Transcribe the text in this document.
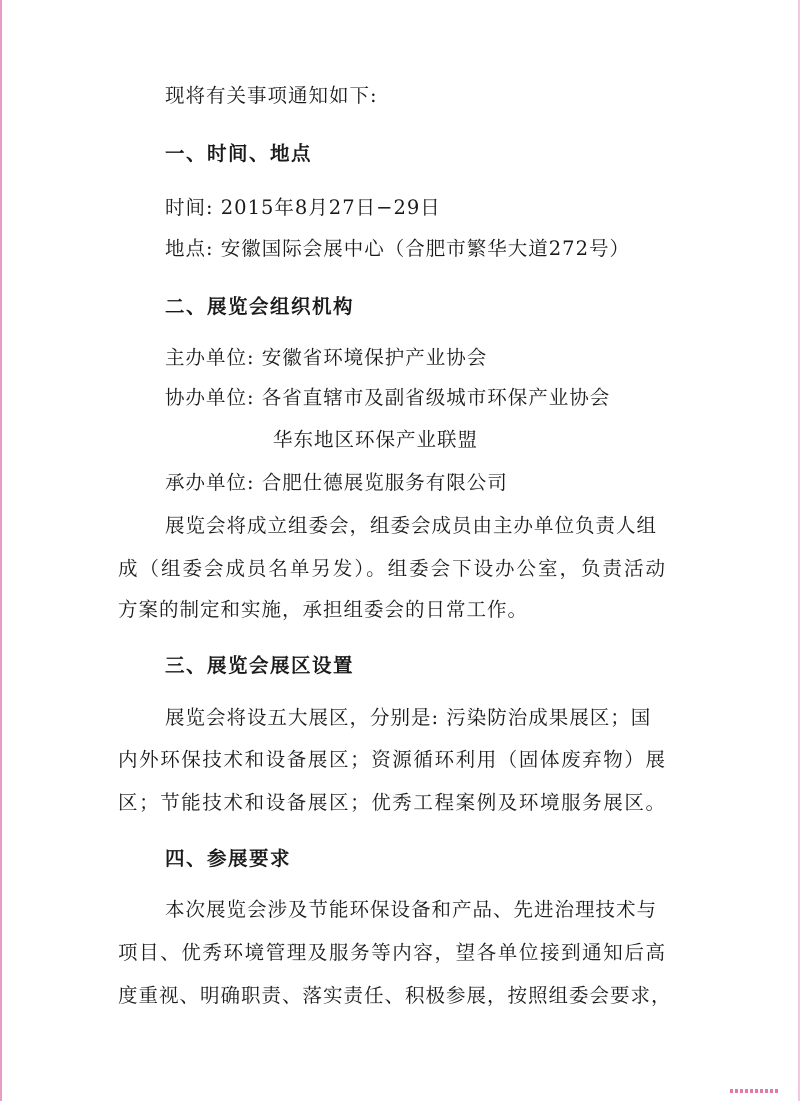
现将有关事项通知如下:
一、时间、地点
时间: 2015年8月27日−29日
地点: 安徽国际会展中心（合肥市繁华大道272号）
二、展览会组织机构
主办单位: 安徽省环境保护产业协会
协办单位: 各省直辖市及副省级城市环保产业协会
华东地区环保产业联盟
承办单位: 合肥仕德展览服务有限公司
展览会将成立组委会，组委会成员由主办单位负责人组
成（组委会成员名单另发）。组委会下设办公室，负责活动
方案的制定和实施，承担组委会的日常工作。
三、展览会展区设置
展览会将设五大展区，分别是: 污染防治成果展区；国
内外环保技术和设备展区；资源循环利用（固体废弃物）展
区；节能技术和设备展区；优秀工程案例及环境服务展区。
四、参展要求
本次展览会涉及节能环保设备和产品、先进治理技术与
项目、优秀环境管理及服务等内容，望各单位接到通知后高
度重视、明确职责、落实责任、积极参展，按照组委会要求，
